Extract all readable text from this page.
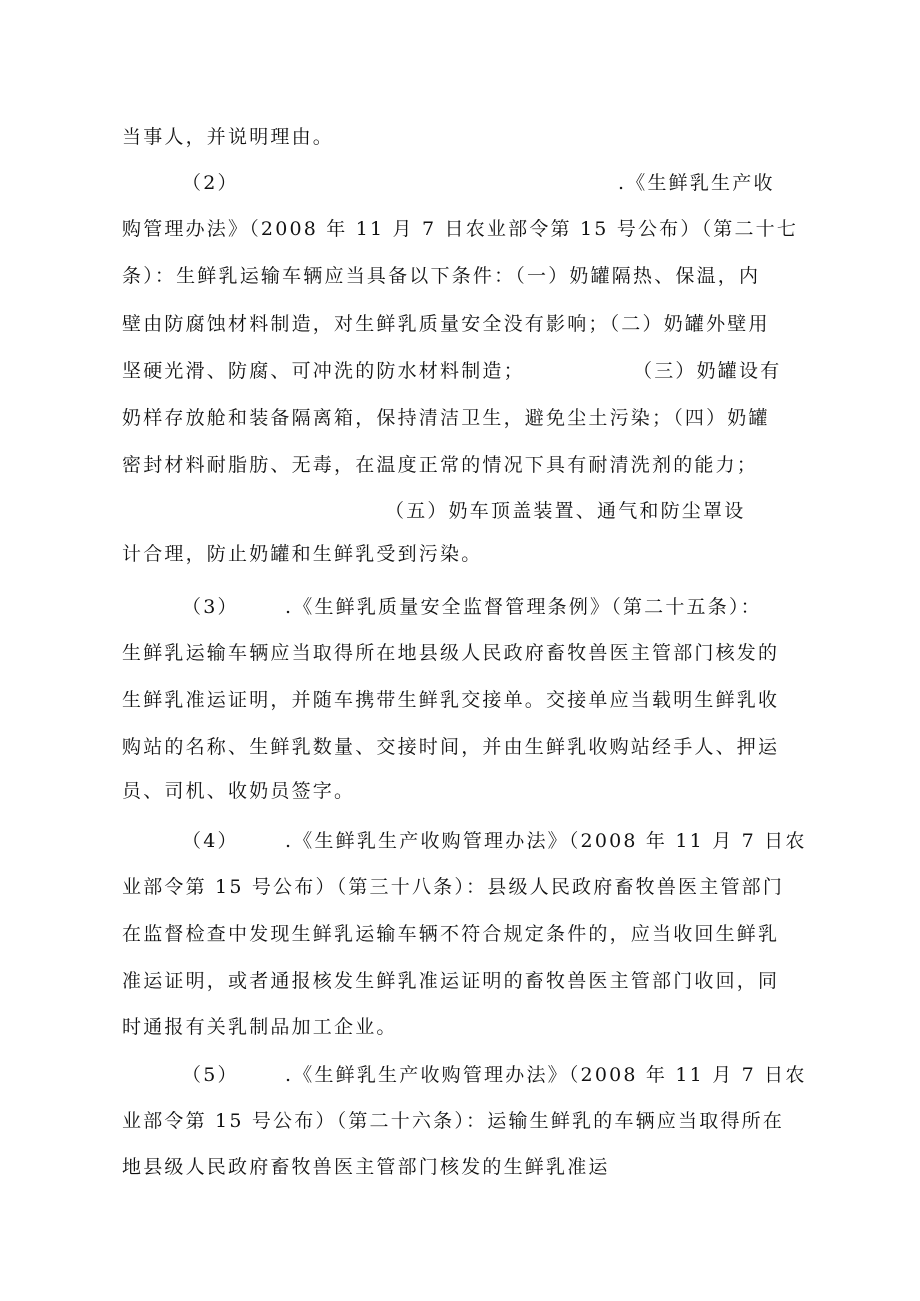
当事人，并说明理由。
（2）	.《生鲜乳生产收
购管理办法》（2008 年 11 月 7 日农业部令第 15 号公布）（第二十七
条）：生鲜乳运输车辆应当具备以下条件：（一）奶罐隔热、保温，内
壁由防腐蚀材料制造，对生鲜乳质量安全没有影响；（二）奶罐外壁用
坚硬光滑、防腐、可冲洗的防水材料制造；	（三）奶罐设有
奶样存放舱和装备隔离箱，保持清洁卫生，避免尘土污染；（四）奶罐
密封材料耐脂肪、无毒，在温度正常的情况下具有耐清洗剂的能力；
（五）奶车顶盖装置、通气和防尘罩设
计合理，防止奶罐和生鲜乳受到污染。
（3） .《生鲜乳质量安全监督管理条例》（第二十五条）：
生鲜乳运输车辆应当取得所在地县级人民政府畜牧兽医主管部门核发的
生鲜乳准运证明，并随车携带生鲜乳交接单。交接单应当载明生鲜乳收
购站的名称、生鲜乳数量、交接时间，并由生鲜乳收购站经手人、押运
员、司机、收奶员签字。
（4） .《生鲜乳生产收购管理办法》（2008 年 11 月 7 日农
业部令第 15 号公布）（第三十八条）：县级人民政府畜牧兽医主管部门
在监督检查中发现生鲜乳运输车辆不符合规定条件的，应当收回生鲜乳
准运证明，或者通报核发生鲜乳准运证明的畜牧兽医主管部门收回，同
时通报有关乳制品加工企业。
（5） .《生鲜乳生产收购管理办法》（2008 年 11 月 7 日农
业部令第 15 号公布）（第二十六条）：运输生鲜乳的车辆应当取得所在
地县级人民政府畜牧兽医主管部门核发的生鲜乳准运
